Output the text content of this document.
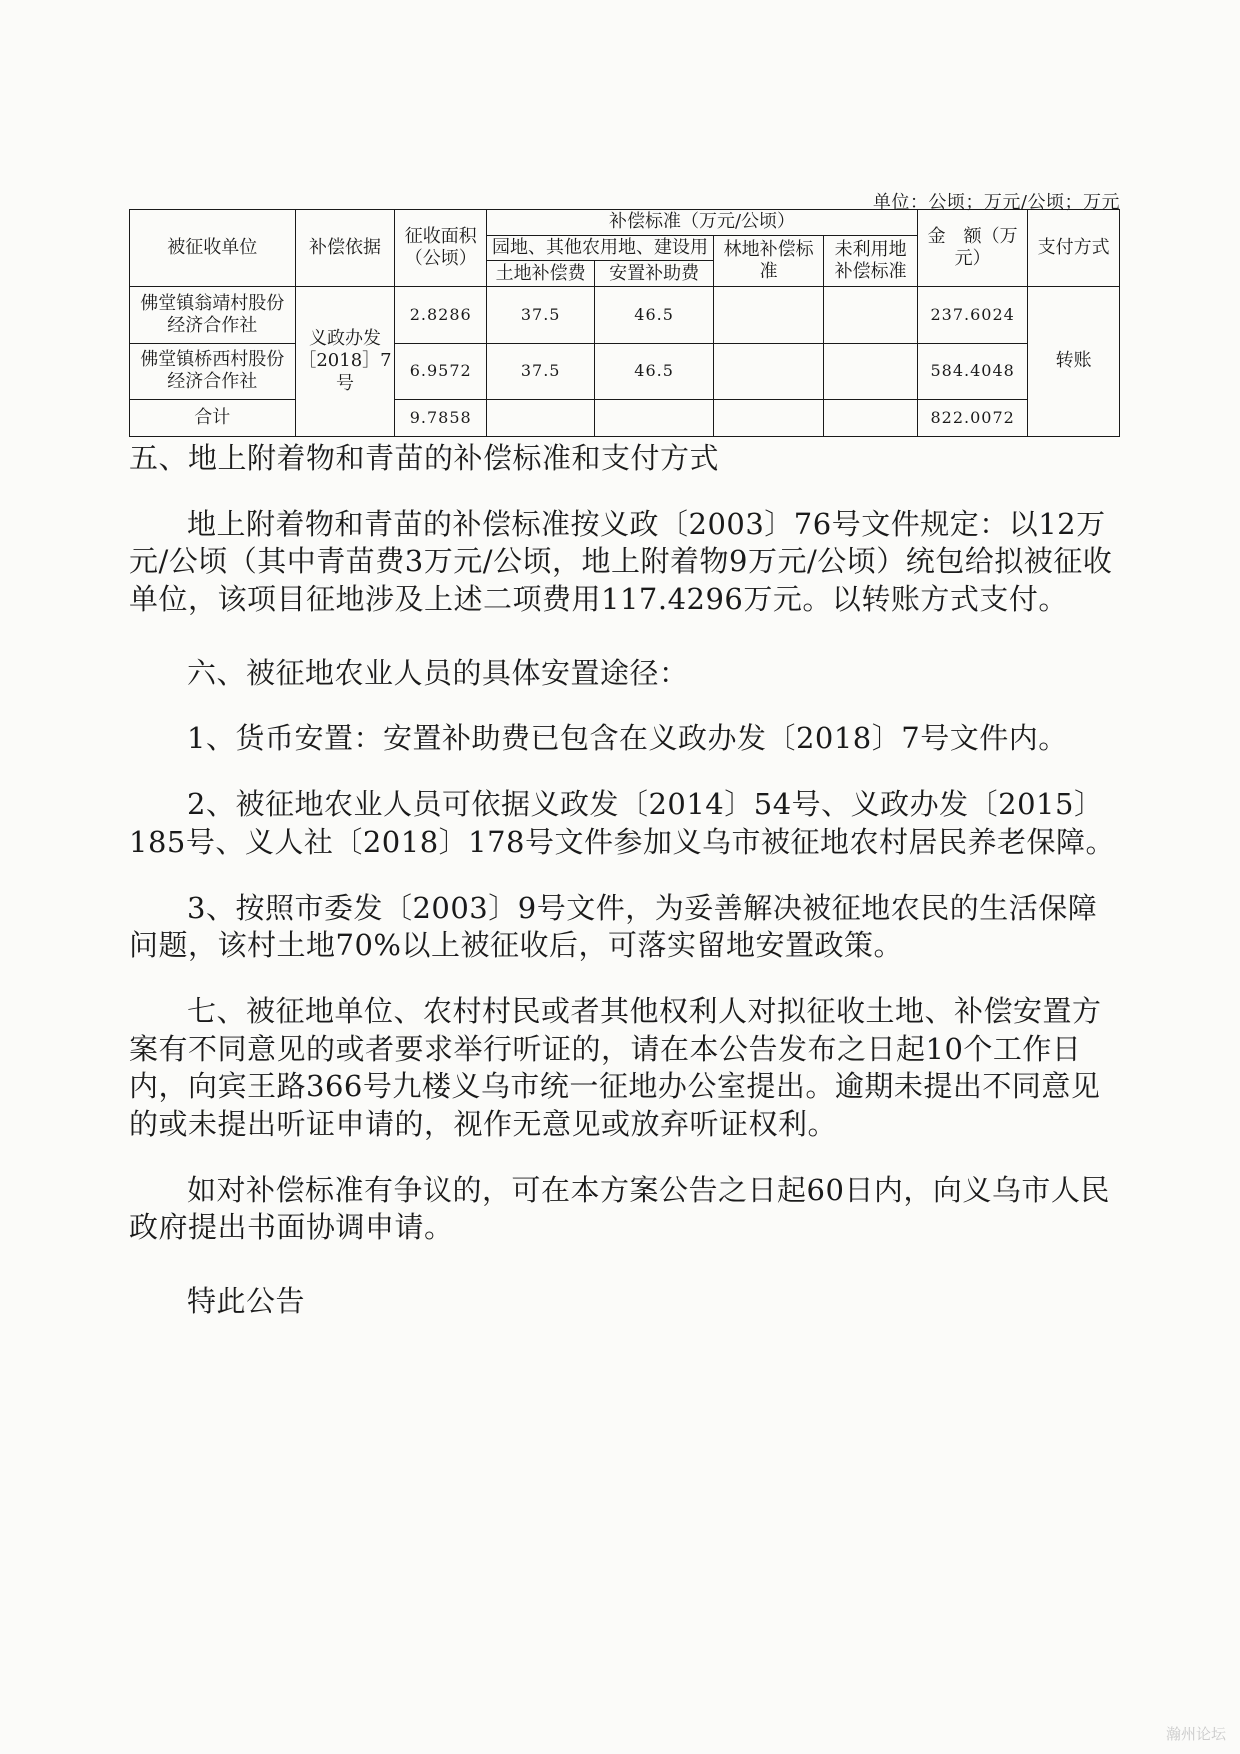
单位：公顷；万元/公顷；万元
被征收单位	补偿依据	征收面积（公顷）	补偿标准（万元/公顷）				金　额（万元）	支付方式
			园地、其他农用地、建设用		林地补偿标准	未利用地补偿标准		
			土地补偿费	安置补助费				
佛堂镇翁靖村股份经济合作社	义政办发［2018］7号	2.8286	37.5	46.5			237.6024	转账
佛堂镇桥西村股份经济合作社		6.9572	37.5	46.5			584.4048	
合计		9.7858					822.0072	

五、地上附着物和青苗的补偿标准和支付方式

地上附着物和青苗的补偿标准按义政〔2003〕76号文件规定：以12万元/公顷（其中青苗费3万元/公顷，地上附着物9万元/公顷）统包给拟被征收单位，该项目征地涉及上述二项费用117.4296万元。以转账方式支付。

六、被征地农业人员的具体安置途径：

1、货币安置：安置补助费已包含在义政办发〔2018〕7号文件内。

2、被征地农业人员可依据义政发〔2014〕54号、义政办发〔2015〕185号、义人社〔2018〕178号文件参加义乌市被征地农村居民养老保障。

3、按照市委发〔2003〕9号文件，为妥善解决被征地农民的生活保障问题，该村土地70%以上被征收后，可落实留地安置政策。

七、被征地单位、农村村民或者其他权利人对拟征收土地、补偿安置方案有不同意见的或者要求举行听证的，请在本公告发布之日起10个工作日内，向宾王路366号九楼义乌市统一征地办公室提出。逾期未提出不同意见的或未提出听证申请的，视作无意见或放弃听证权利。

如对补偿标准有争议的，可在本方案公告之日起60日内，向义乌市人民政府提出书面协调申请。

特此公告

瀚州论坛
